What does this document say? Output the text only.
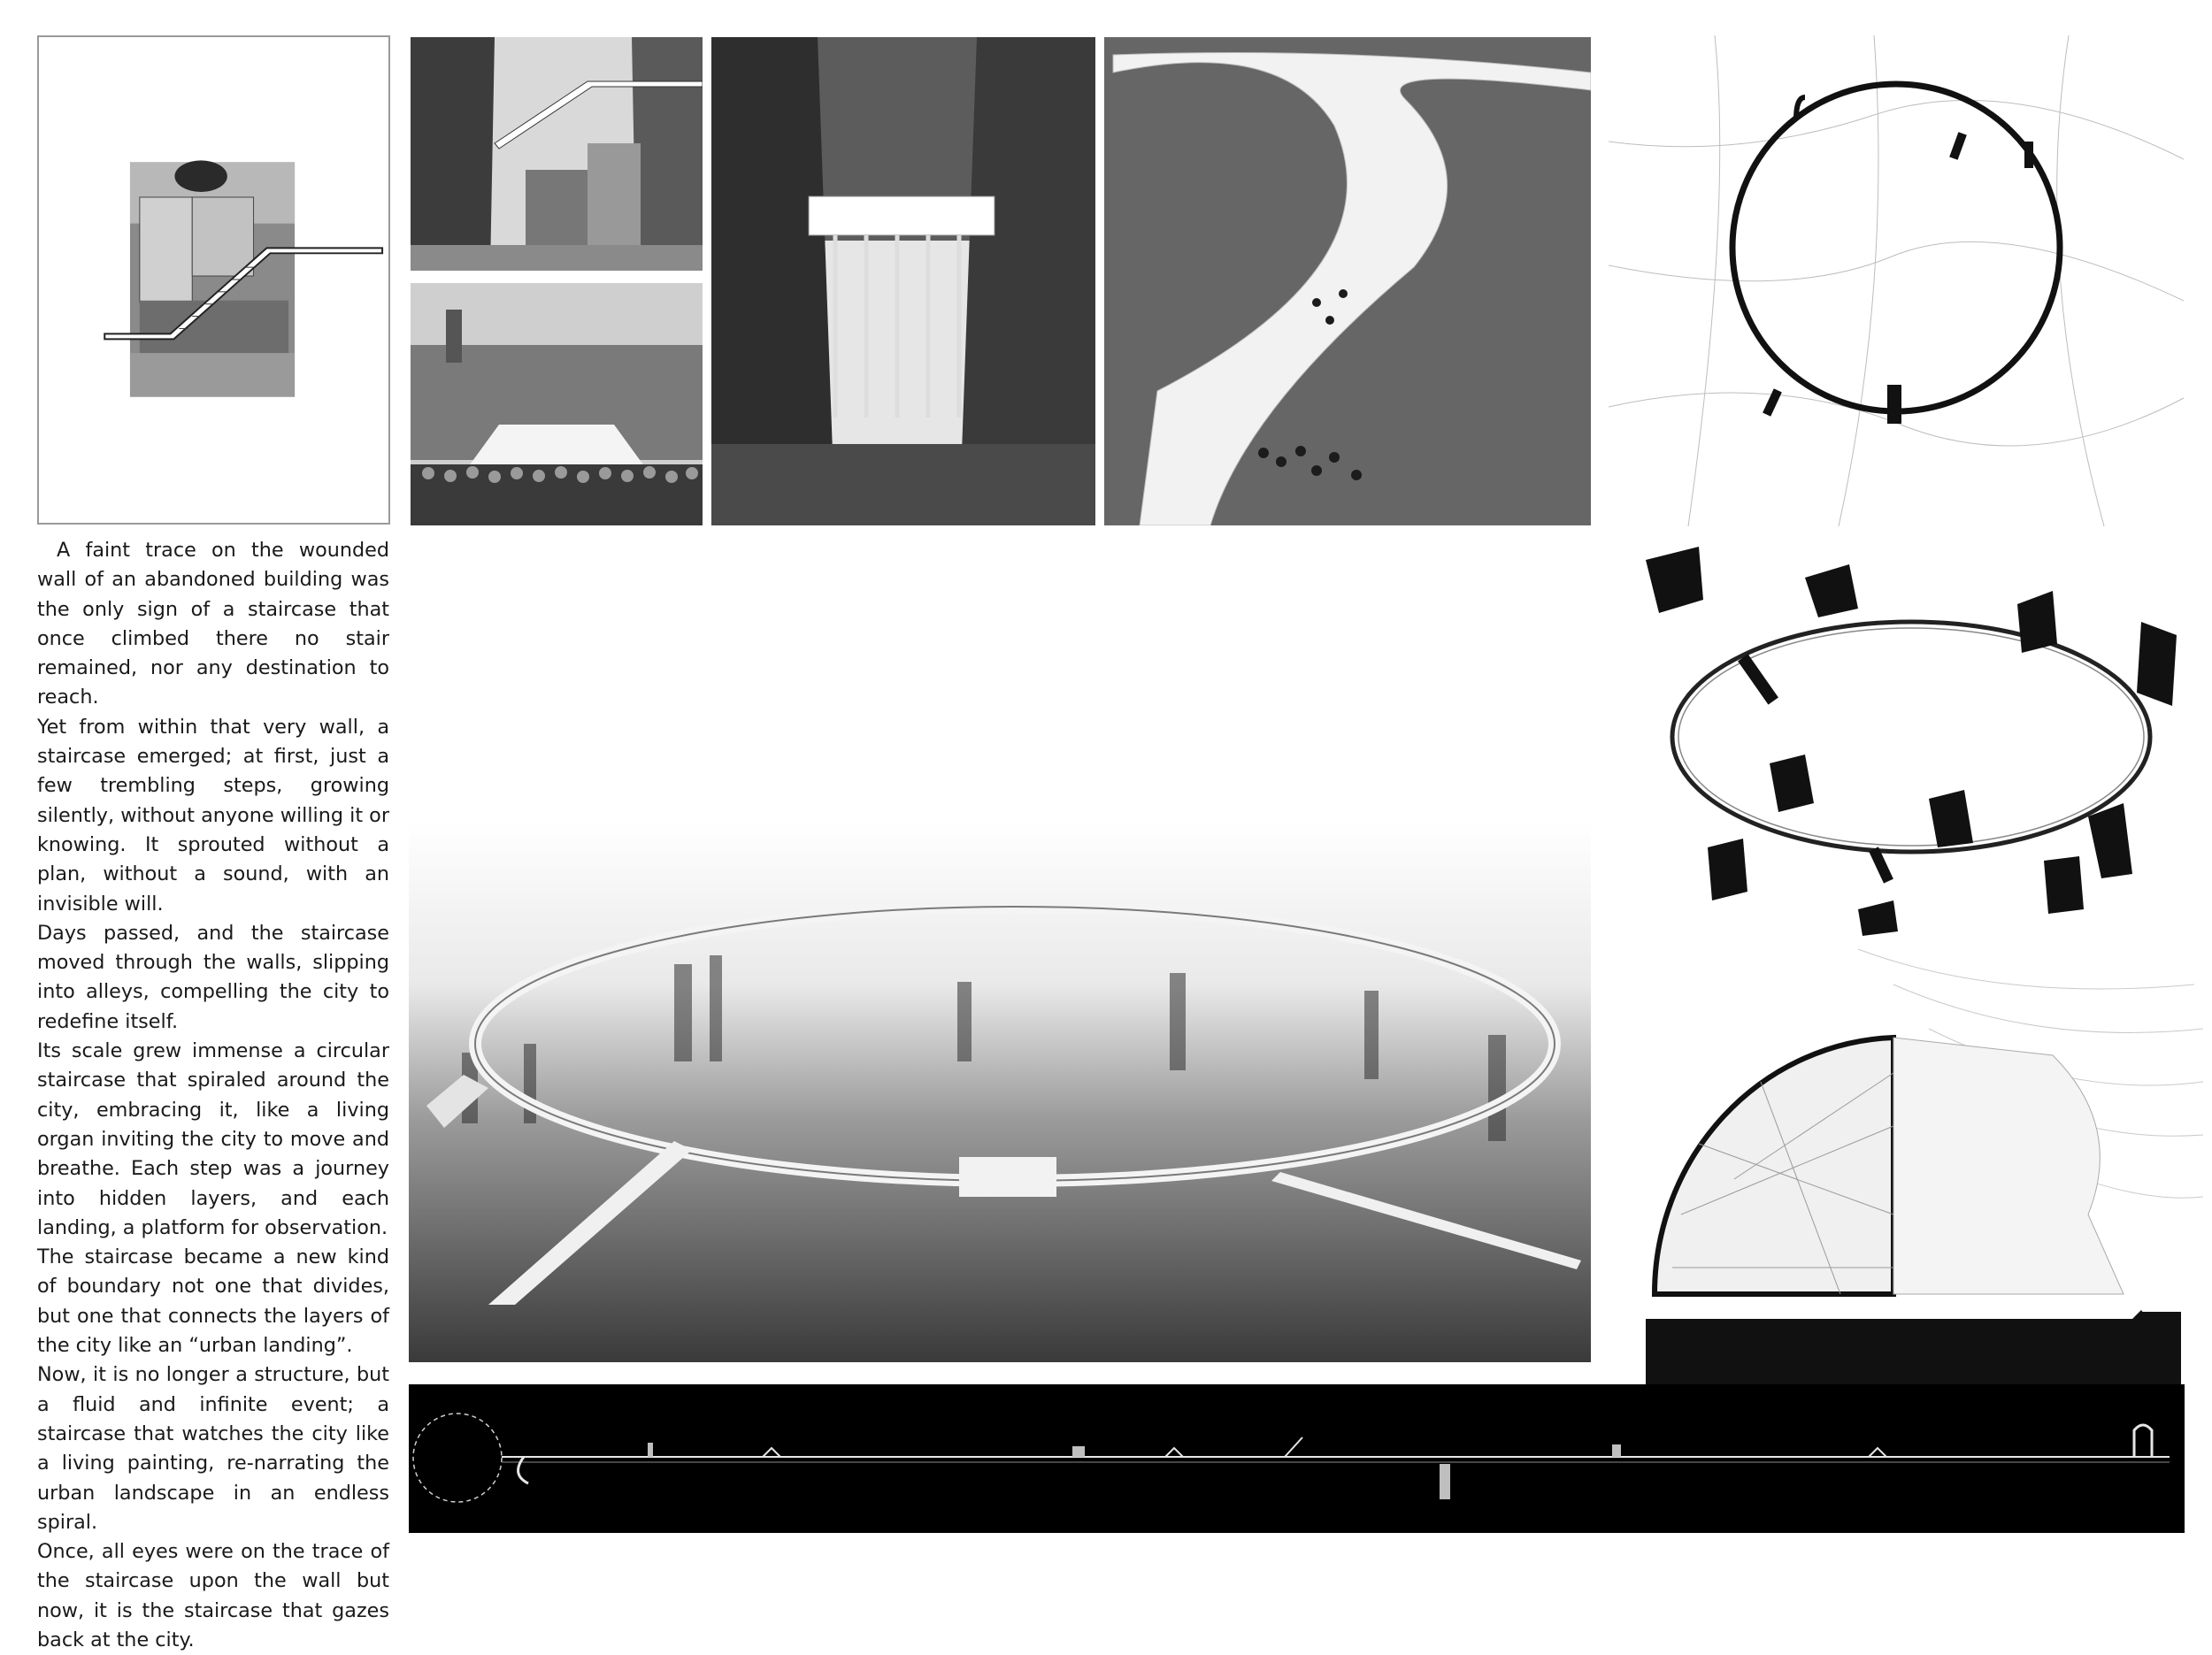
A faint trace on the wounded wall of an abandoned building was the only sign of a staircase that once climbed there no stair remained, nor any destination to reach.

Yet from within that very wall, a staircase emerged; at first, just a few trembling steps, growing silently, without anyone willing it or knowing. It sprouted without a plan, without a sound, with an invisible will.

Days passed, and the staircase moved through the walls, slipping into alleys, compelling the city to redefine itself.

Its scale grew immense a circular staircase that spiraled around the city, embracing it, like a living organ inviting the city to move and breathe. Each step was a journey into hidden layers, and each landing, a platform for observation.

The staircase became a new kind of boundary not one that divides, but one that connects the layers of the city like an “urban landing”.

Now, it is no longer a structure, but a fluid and infinite event; a staircase that watches the city like a living painting, re-narrating the urban landscape in an endless spiral.

Once, all eyes were on the trace of the staircase upon the wall but now, it is the staircase that gazes back at the city.
